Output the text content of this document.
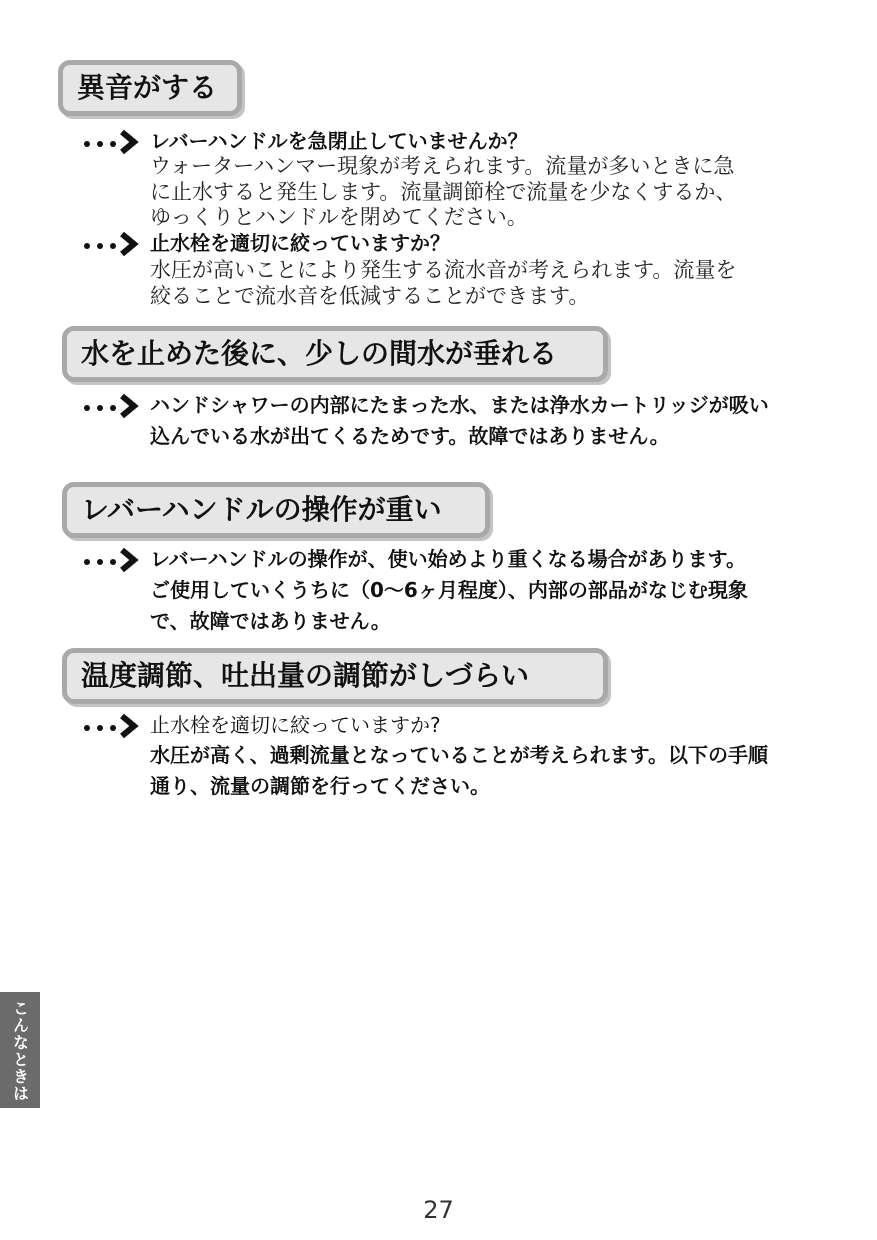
異音がする
レバーハンドルを急閉止していませんか？
ウォーターハンマー現象が考えられます。流量が多いときに急
に止水すると発生します。流量調節栓で流量を少なくするか、
ゆっくりとハンドルを閉めてください。
止水栓を適切に絞っていますか？
水圧が高いことにより発生する流水音が考えられます。流量を
絞ることで流水音を低減することができます。
水を止めた後に、少しの間水が垂れる
ハンドシャワーの内部にたまった水、または浄水カートリッジが吸い
込んでいる水が出てくるためです。故障ではありません。
レバーハンドルの操作が重い
レバーハンドルの操作が、使い始めより重くなる場合があります。
ご使用していくうちに（0〜6ヶ月程度）、内部の部品がなじむ現象
で、故障ではありません。
温度調節、吐出量の調節がしづらい
止水栓を適切に絞っていますか?
水圧が高く、過剰流量となっていることが考えられます。以下の手順
通り、流量の調節を行ってください。
こんなときは
27
